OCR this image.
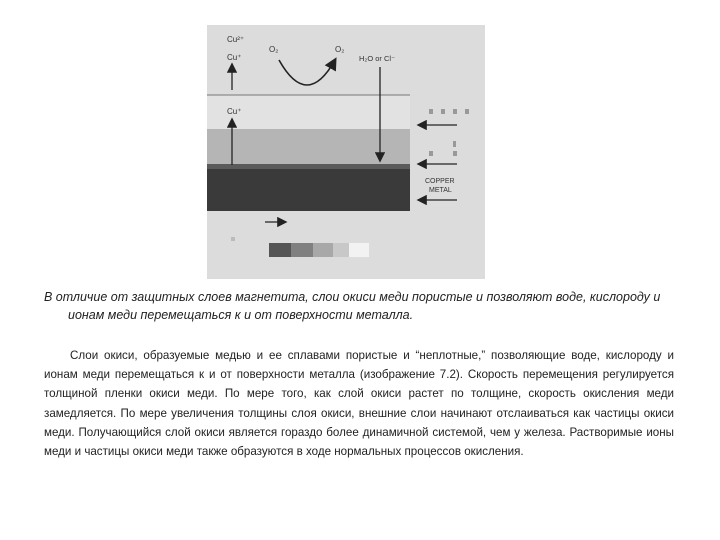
Cu²⁺
Cu⁺
O₂	O₂
H₂O or Cl⁻
Cu⁺
COPPER
METAL

В отличие от защитных слоев магнетита, слои окиси меди пористые и позволяют воде, кислороду и ионам меди перемещаться к и от поверхности металла.

Слои окиси, образуемые медью и ее сплавами пористые и “неплотные,” позволяющие воде, кислороду и ионам меди перемещаться к и от поверхности металла (изображение 7.2). Скорость перемещения регулируется толщиной пленки окиси меди. По мере того, как слой окиси растет по толщине, скорость окисления меди замедляется. По мере увеличения толщины слоя окиси, внешние слои начинают отслаиваться как частицы окиси меди. Получающийся слой окиси является гораздо более динамичной системой, чем у железа. Растворимые ионы меди и частицы окиси меди также образуются в ходе нормальных процессов окисления.
